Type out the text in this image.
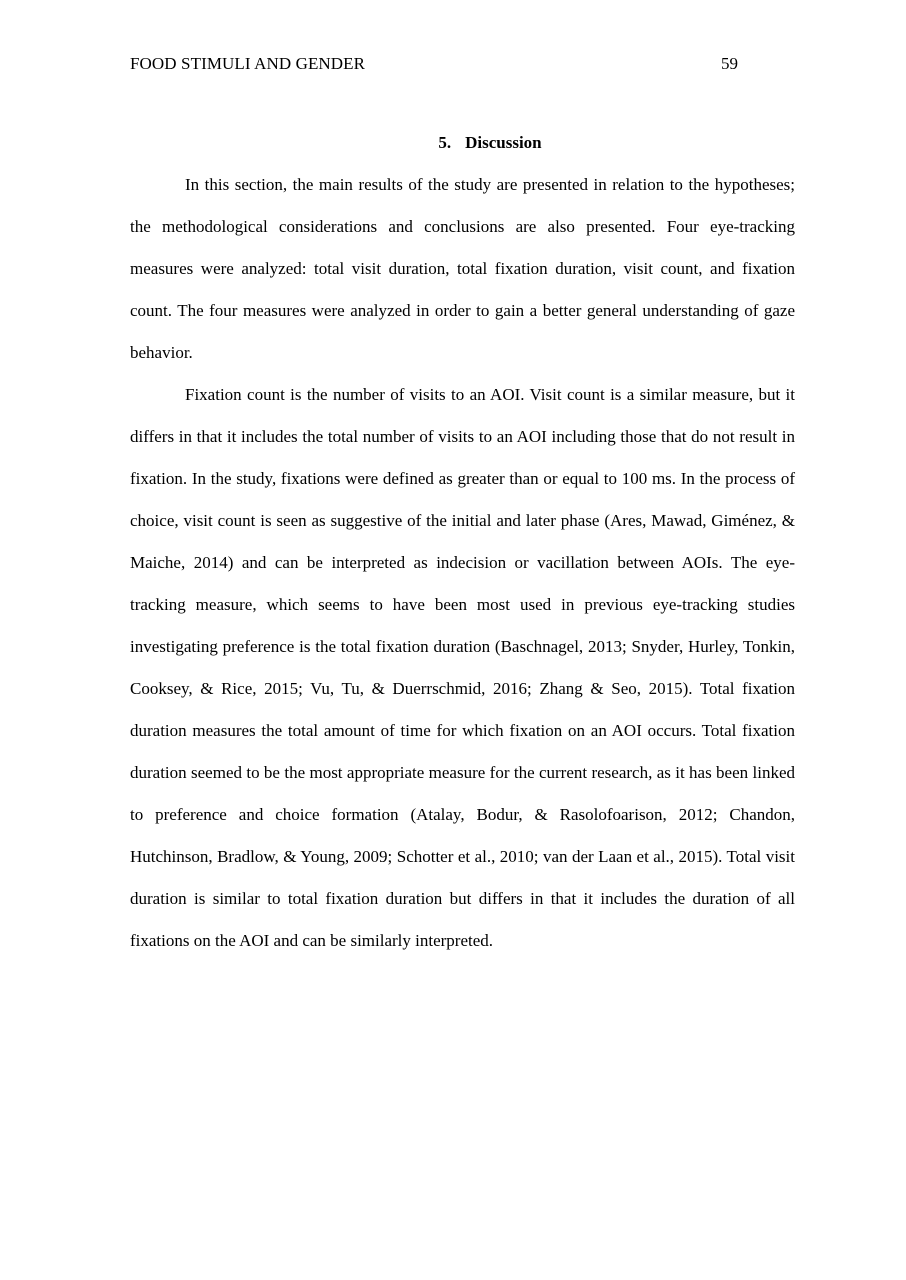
FOOD STIMULI AND GENDER	59
5. Discussion

In this section, the main results of the study are presented in relation to the hypotheses; the methodological considerations and conclusions are also presented. Four eye-tracking measures were analyzed: total visit duration, total fixation duration, visit count, and fixation count. The four measures were analyzed in order to gain a better general understanding of gaze behavior.

Fixation count is the number of visits to an AOI. Visit count is a similar measure, but it differs in that it includes the total number of visits to an AOI including those that do not result in fixation. In the study, fixations were defined as greater than or equal to 100 ms. In the process of choice, visit count is seen as suggestive of the initial and later phase (Ares, Mawad, Giménez, & Maiche, 2014) and can be interpreted as indecision or vacillation between AOIs. The eye-tracking measure, which seems to have been most used in previous eye-tracking studies investigating preference is the total fixation duration (Baschnagel, 2013; Snyder, Hurley, Tonkin, Cooksey, & Rice, 2015; Vu, Tu, & Duerrschmid, 2016; Zhang & Seo, 2015). Total fixation duration measures the total amount of time for which fixation on an AOI occurs. Total fixation duration seemed to be the most appropriate measure for the current research, as it has been linked to preference and choice formation (Atalay, Bodur, & Rasolofoarison, 2012; Chandon, Hutchinson, Bradlow, & Young, 2009; Schotter et al., 2010; van der Laan et al., 2015). Total visit duration is similar to total fixation duration but differs in that it includes the duration of all fixations on the AOI and can be similarly interpreted.
